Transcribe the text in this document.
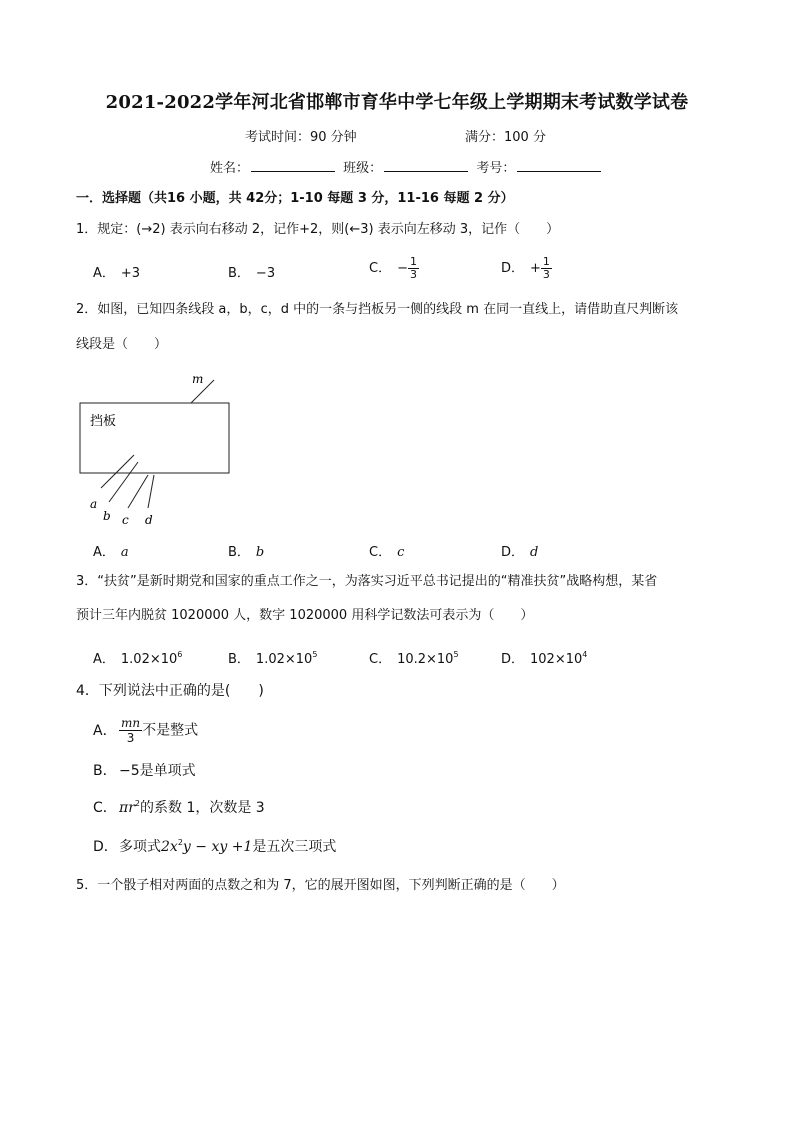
2021-2022学年河北省邯郸市育华中学七年级上学期期末考试数学试卷
考试时间：90 分钟	满分：100 分
姓名：	班级：	考号：
一．选择题（共16 小题，共 42分；1-10 每题 3 分，11-16 每题 2 分）
1．规定：(→2) 表示向右移动 2，记作+2，则(←3) 表示向左移动 3，记作（　　）
A． +3	B． −3	C． − $\frac{1}{3}$	D． + $\frac{1}{3}$
2．如图，已知四条线段 a，b，c，d 中的一条与挡板另一侧的线段 m 在同一直线上，请借助直尺判断该
线段是（　　）
m
挡板
a
b c d
A． a	B． b	C． c	D． d
3．“扶贫”是新时期党和国家的重点工作之一，为落实习近平总书记提出的“精准扶贫”战略构想，某省
预计三年内脱贫 1020000 人，数字 1020000 用科学记数法可表示为（　　）
A． $1.02\times 10^6$	B． $1.02\times 10^5$	C． $10.2\times 10^5$	D． $102\times 10^4$
4．下列说法中正确的是(　　)
A． $\frac{mn}{3}$ 不是整式
B． −5是单项式
C． $\pi r^2$的系数 1，次数是 3
D．多项式$2x^2y$ − xy +1是五次三项式
5．一个骰子相对两面的点数之和为 7，它的展开图如图，下列判断正确的是（　　）
